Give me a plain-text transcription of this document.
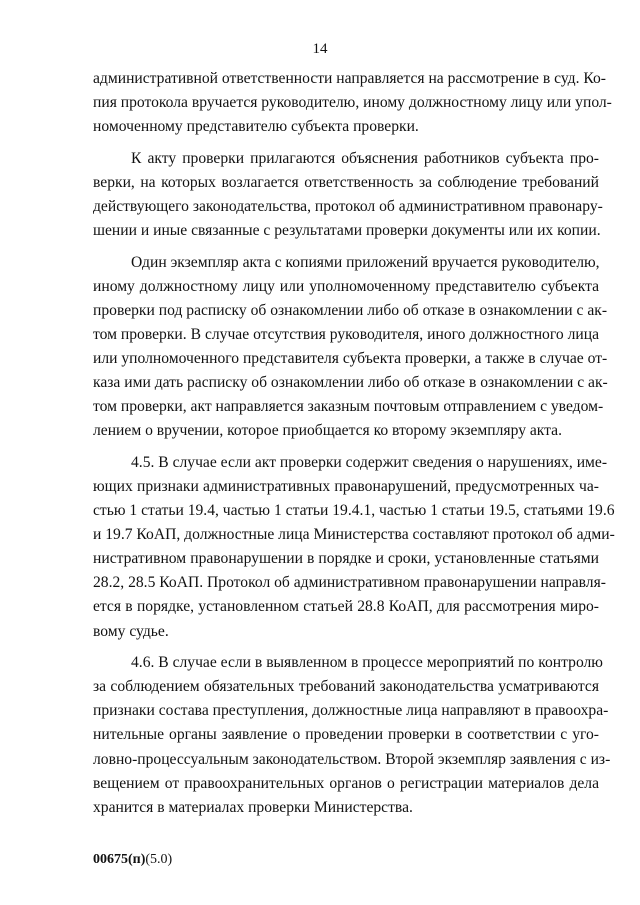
14

административной ответственности направляется на рассмотрение в суд. Ко-
пия протокола вручается руководителю, иному должностному лицу или упол-
номоченному представителю субъекта проверки.

К акту проверки прилагаются объяснения работников субъекта про-
верки, на которых возлагается ответственность за соблюдение требований
действующего законодательства, протокол об административном правонару-
шении и иные связанные с результатами проверки документы или их копии.

Один экземпляр акта с копиями приложений вручается руководителю,
иному должностному лицу или уполномоченному представителю субъекта
проверки под расписку об ознакомлении либо об отказе в ознакомлении с ак-
том проверки. В случае отсутствия руководителя, иного должностного лица
или уполномоченного представителя субъекта проверки, а также в случае от-
каза ими дать расписку об ознакомлении либо об отказе в ознакомлении с ак-
том проверки, акт направляется заказным почтовым отправлением с уведом-
лением о вручении, которое приобщается ко второму экземпляру акта.

4.5. В случае если акт проверки содержит сведения о нарушениях, име-
ющих признаки административных правонарушений, предусмотренных ча-
стью 1 статьи 19.4, частью 1 статьи 19.4.1, частью 1 статьи 19.5, статьями 19.6
и 19.7 КоАП, должностные лица Министерства составляют протокол об адми-
нистративном правонарушении в порядке и сроки, установленные статьями
28.2, 28.5 КоАП. Протокол об административном правонарушении направля-
ется в порядке, установленном статьей 28.8 КоАП, для рассмотрения миро-
вому судье.

4.6. В случае если в выявленном в процессе мероприятий по контролю
за соблюдением обязательных требований законодательства усматриваются
признаки состава преступления, должностные лица направляют в правоохра-
нительные органы заявление о проведении проверки в соответствии с уго-
ловно-процессуальным законодательством. Второй экземпляр заявления с из-
вещением от правоохранительных органов о регистрации материалов дела
хранится в материалах проверки Министерства.

00675(п)(5.0)
